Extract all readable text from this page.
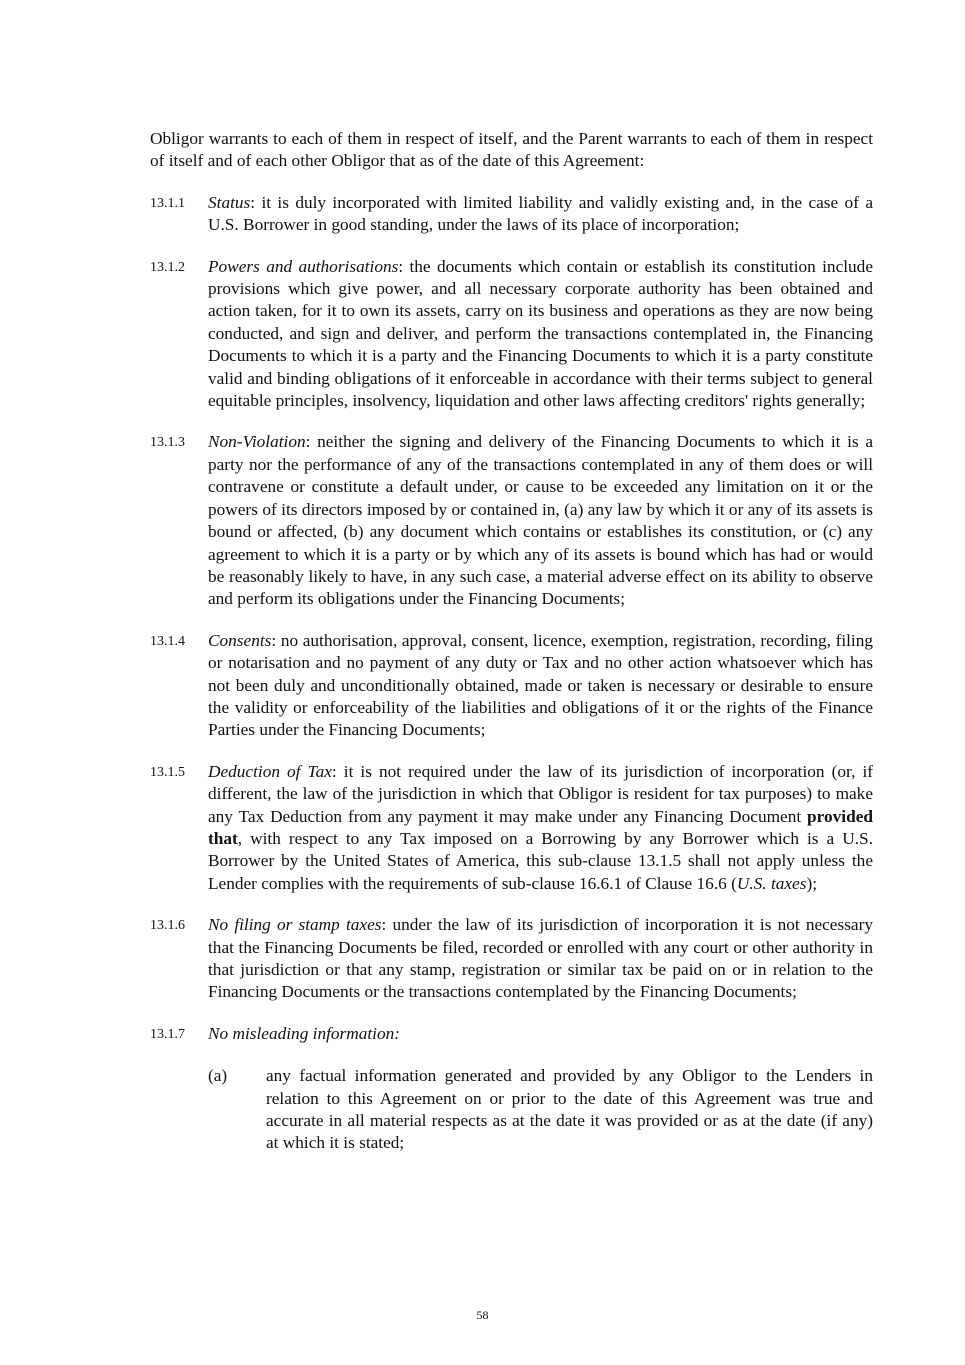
Obligor warrants to each of them in respect of itself, and the Parent warrants to each of them in respect of itself and of each other Obligor that as of the date of this Agreement:

13.1.1	Status: it is duly incorporated with limited liability and validly existing and, in the case of a U.S. Borrower in good standing, under the laws of its place of incorporation;
13.1.2	Powers and authorisations: the documents which contain or establish its constitution include provisions which give power, and all necessary corporate authority has been obtained and action taken, for it to own its assets, carry on its business and operations as they are now being conducted, and sign and deliver, and perform the transactions contemplated in, the Financing Documents to which it is a party and the Financing Documents to which it is a party constitute valid and binding obligations of it enforceable in accordance with their terms subject to general equitable principles, insolvency, liquidation and other laws affecting creditors' rights generally;
13.1.3	Non-Violation: neither the signing and delivery of the Financing Documents to which it is a party nor the performance of any of the transactions contemplated in any of them does or will contravene or constitute a default under, or cause to be exceeded any limitation on it or the powers of its directors imposed by or contained in, (a) any law by which it or any of its assets is bound or affected, (b) any document which contains or establishes its constitution, or (c) any agreement to which it is a party or by which any of its assets is bound which has had or would be reasonably likely to have, in any such case, a material adverse effect on its ability to observe and perform its obligations under the Financing Documents;
13.1.4	Consents: no authorisation, approval, consent, licence, exemption, registration, recording, filing or notarisation and no payment of any duty or Tax and no other action whatsoever which has not been duly and unconditionally obtained, made or taken is necessary or desirable to ensure the validity or enforceability of the liabilities and obligations of it or the rights of the Finance Parties under the Financing Documents;
13.1.5	Deduction of Tax: it is not required under the law of its jurisdiction of incorporation (or, if different, the law of the jurisdiction in which that Obligor is resident for tax purposes) to make any Tax Deduction from any payment it may make under any Financing Document provided that, with respect to any Tax imposed on a Borrowing by any Borrower which is a U.S. Borrower by the United States of America, this sub-clause 13.1.5 shall not apply unless the Lender complies with the requirements of sub-clause 16.6.1 of Clause 16.6 (U.S. taxes);
13.1.6	No filing or stamp taxes: under the law of its jurisdiction of incorporation it is not necessary that the Financing Documents be filed, recorded or enrolled with any court or other authority in that jurisdiction or that any stamp, registration or similar tax be paid on or in relation to the Financing Documents or the transactions contemplated by the Financing Documents;
13.1.7	No misleading information:
(a)	any factual information generated and provided by any Obligor to the Lenders in relation to this Agreement on or prior to the date of this Agreement was true and accurate in all material respects as at the date it was provided or as at the date (if any) at which it is stated;
58
